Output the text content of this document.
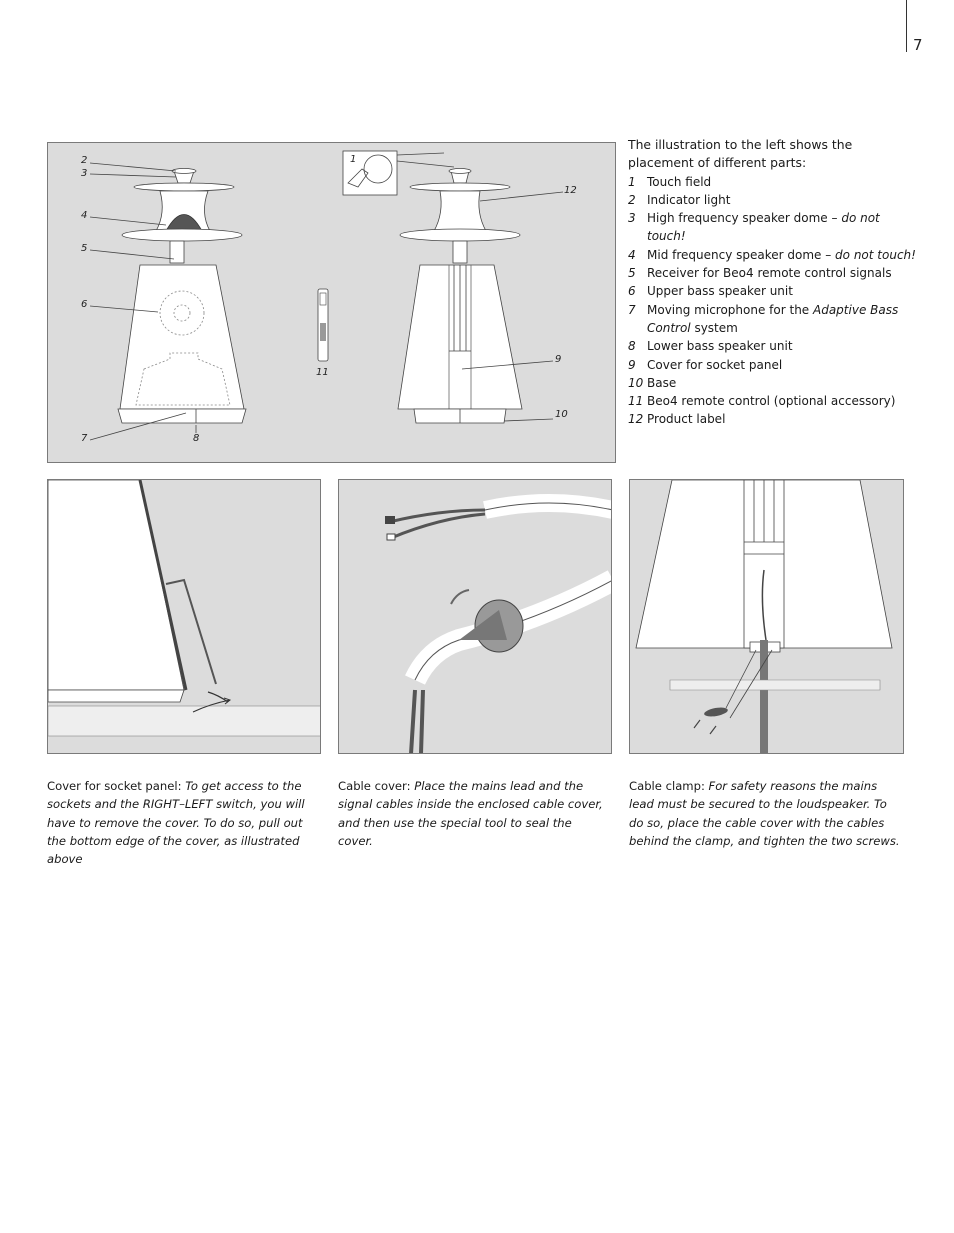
7
2
3
4
5
6
7	8
1
11
12
9
10
The illustration to the left shows the placement of different parts:
1 Touch field
2 Indicator light
3 High frequency speaker dome – do not touch!
4 Mid frequency speaker dome – do not touch!
5 Receiver for Beo4 remote control signals
6 Upper bass speaker unit
7 Moving microphone for the Adaptive Bass Control system
8 Lower bass speaker unit
9 Cover for socket panel
10 Base
11 Beo4 remote control (optional accessory)
12 Product label
Cover for socket panel: To get access to the sockets and the RIGHT–LEFT switch, you will have to remove the cover. To do so, pull out the bottom edge of the cover, as illustrated above
Cable cover: Place the mains lead and the signal cables inside the enclosed cable cover, and then use the special tool to seal the cover.
Cable clamp: For safety reasons the mains lead must be secured to the loudspeaker. To do so, place the cable cover with the cables behind the clamp, and tighten the two screws.
